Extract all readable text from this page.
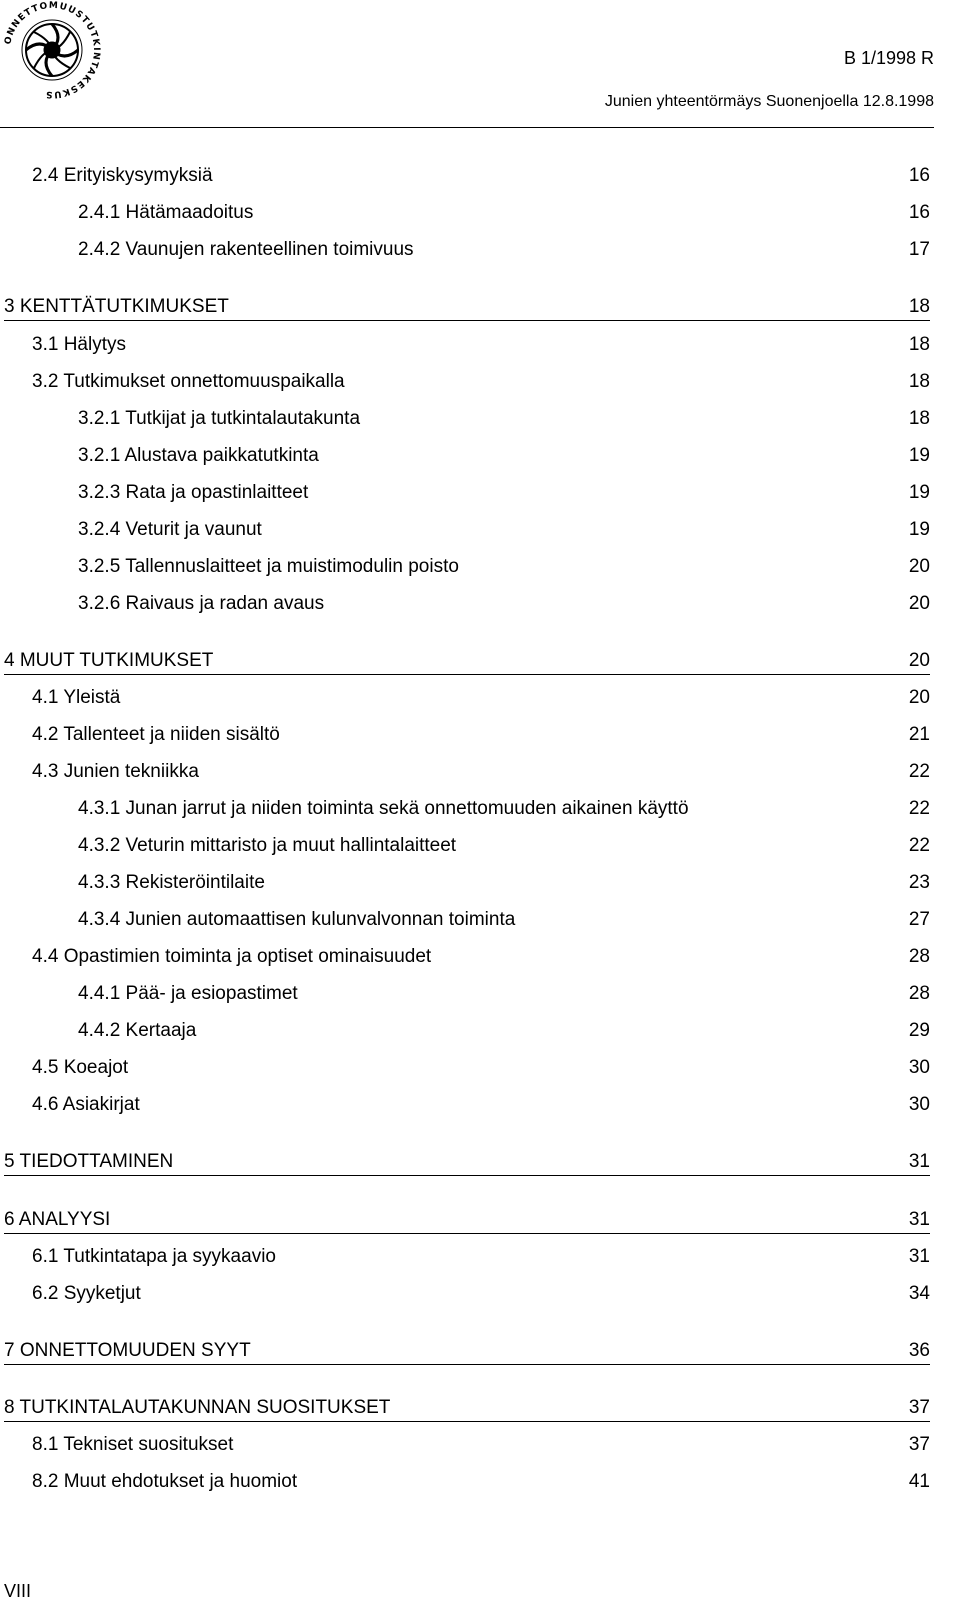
ONNETTOMUUSTUTKINTAKESKUS
B 1/1998 R
Junien yhteentörmäys Suonenjoella 12.8.1998
2.4 Erityiskysymyksiä	16
2.4.1 Hätämaadoitus	16
2.4.2 Vaunujen rakenteellinen toimivuus	17
3 KENTTÄTUTKIMUKSET	18
3.1 Hälytys	18
3.2 Tutkimukset onnettomuuspaikalla	18
3.2.1 Tutkijat ja tutkintalautakunta	18
3.2.1 Alustava paikkatutkinta	19
3.2.3 Rata ja opastinlaitteet	19
3.2.4 Veturit ja vaunut	19
3.2.5 Tallennuslaitteet ja muistimodulin poisto	20
3.2.6 Raivaus ja radan avaus	20
4 MUUT TUTKIMUKSET	20
4.1 Yleistä	20
4.2 Tallenteet ja niiden sisältö	21
4.3 Junien tekniikka	22
4.3.1 Junan jarrut ja niiden toiminta sekä onnettomuuden aikainen käyttö	22
4.3.2 Veturin mittaristo ja muut hallintalaitteet	22
4.3.3 Rekisteröintilaite	23
4.3.4 Junien automaattisen kulunvalvonnan toiminta	27
4.4 Opastimien toiminta ja optiset ominaisuudet	28
4.4.1 Pää- ja esiopastimet	28
4.4.2 Kertaaja	29
4.5 Koeajot	30
4.6 Asiakirjat	30
5 TIEDOTTAMINEN	31
6 ANALYYSI	31
6.1 Tutkintatapa ja syykaavio	31
6.2 Syyketjut	34
7 ONNETTOMUUDEN SYYT	36
8 TUTKINTALAUTAKUNNAN SUOSITUKSET	37
8.1 Tekniset suositukset	37
8.2 Muut ehdotukset ja huomiot	41
VIII
